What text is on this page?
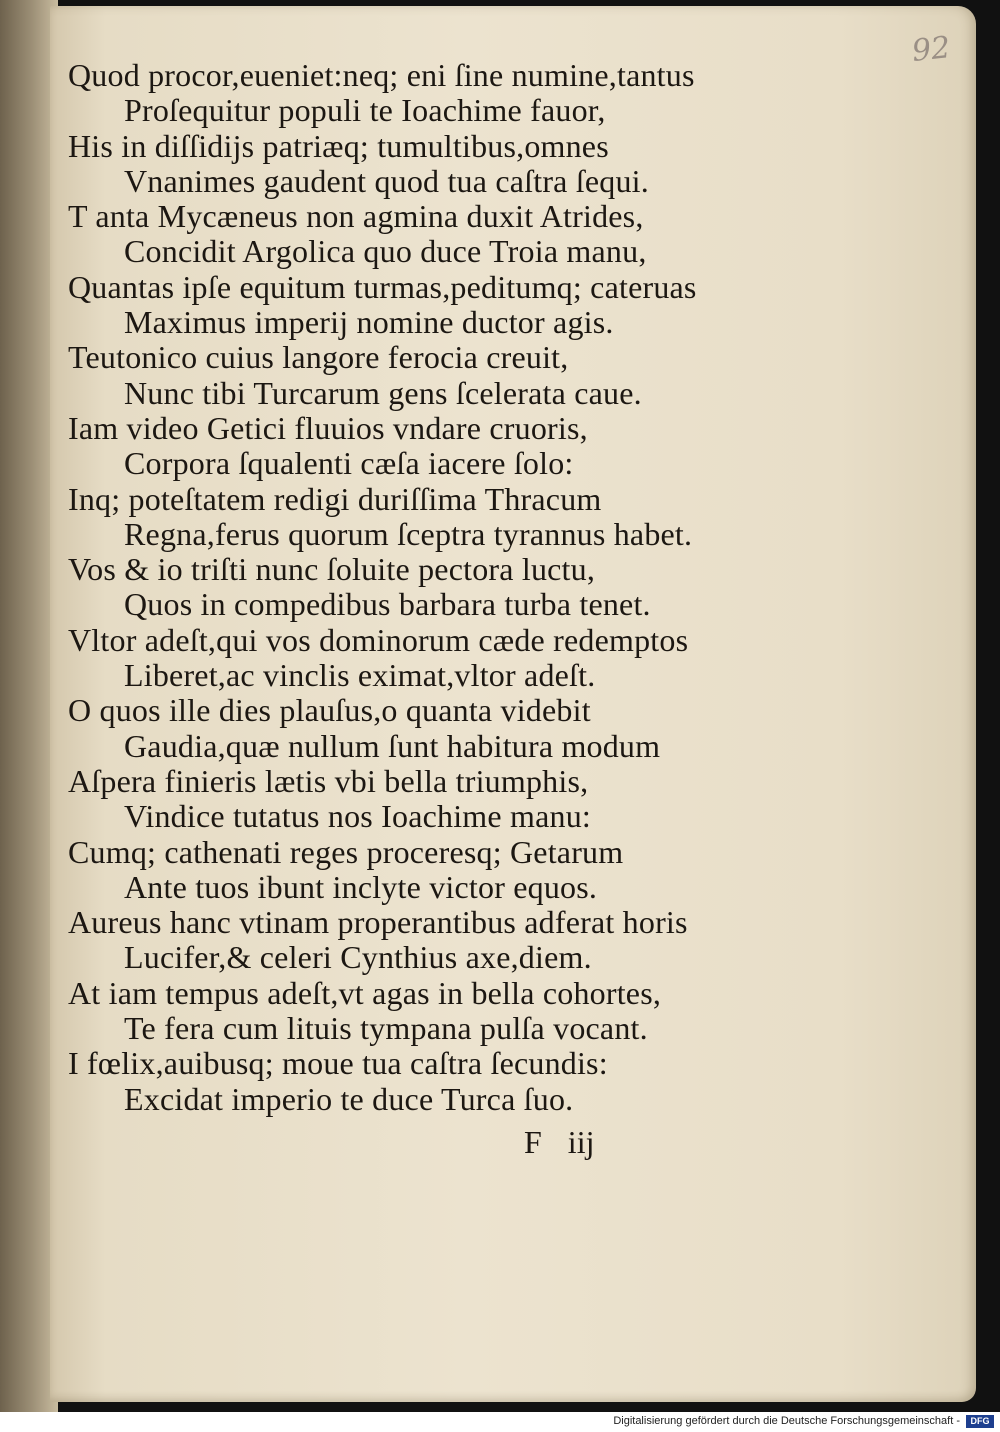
92
Quod procor,eueniet:neq; eni ſine numine,tantus
Proſequitur populi te Ioachime fauor,
His in diſſidijs patriæq; tumultibus,omnes
Vnanimes gaudent quod tua caſtra ſequi.
T anta Mycæneus non agmina duxit Atrides,
Concidit Argolica quo duce Troia manu,
Quantas ipſe equitum turmas,peditumq; cateruas
Maximus imperij nomine ductor agis.
Teutonico cuius langore ferocia creuit,
Nunc tibi Turcarum gens ſcelerata caue.
Iam video Getici fluuios vndare cruoris,
Corpora ſqualenti cæſa iacere ſolo:
Inq; poteſtatem redigi duriſſima Thracum
Regna,ferus quorum ſceptra tyrannus habet.
Vos & io triſti nunc ſoluite pectora luctu,
Quos in compedibus barbara turba tenet.
Vltor adeſt,qui vos dominorum cæde redemptos
Liberet,ac vinclis eximat,vltor adeſt.
O quos ille dies plauſus,o quanta videbit
Gaudia,quæ nullum ſunt habitura modum
Aſpera finieris lætis vbi bella triumphis,
Vindice tutatus nos Ioachime manu:
Cumq; cathenati reges proceresq; Getarum
Ante tuos ibunt inclyte victor equos.
Aureus hanc vtinam properantibus adferat horis
Lucifer,& celeri Cynthius axe,diem.
At iam tempus adeſt,vt agas in bella cohortes,
Te fera cum lituis tympana pulſa vocant.
I fœlix,auibusq; moue tua caſtra ſecundis:
Excidat imperio te duce Turca ſuo.
F iij
Digitalisierung gefördert durch die Deutsche Forschungsgemeinschaft -	DFG
